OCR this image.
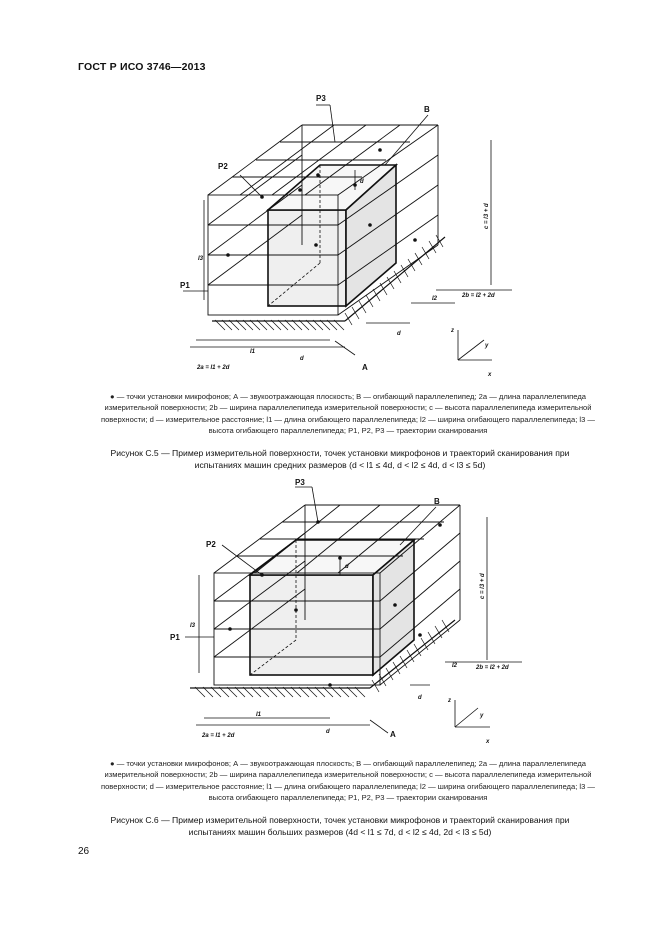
ГОСТ Р ИСО 3746—2013
P3
B
P2
P1
A
d
d
d
l1
l2
l3
2a = l1 + 2d
2b = l2 + 2d
c = l3 + d
x
y
z
● — точки установки микрофонов; А — звукоотражающая плоскость; В — огибающий параллелепипед; 2а — длина параллелепипеда измерительной поверхности; 2b — ширина параллелепипеда измерительной поверхности; с — высота параллелепипеда измерительной поверхности; d — измерительное расстояние; l1 — длина огибающего параллелепипеда; l2 — ширина огибающего параллелепипеда; l3 — высота огибающего параллелепипеда; Р1, Р2, Р3 — траектории сканирования
Рисунок С.5 — Пример измерительной поверхности, точек установки микрофонов и траекторий сканирования при
испытаниях машин средних размеров (d < l1 ≤ 4d, d < l2 ≤ 4d, d < l3 ≤ 5d)
P3
B
P2
P1
A
d
d
d
l1
l2
l3
2a = l1 + 2d
2b = l2 + 2d
c = l3 + d
x
y
z
● — точки установки микрофонов; А — звукоотражающая плоскость; В — огибающий параллелепипед; 2а — длина параллелепипеда измерительной поверхности; 2b — ширина параллелепипеда измерительной поверхности; с — высота параллелепипеда измерительной поверхности; d — измерительное расстояние; l1 — длина огибающего параллелепипеда; l2 — ширина огибающего параллелепипеда; l3 — высота огибающего параллелепипеда; Р1, Р2, Р3 — траектории сканирования
Рисунок С.6 — Пример измерительной поверхности, точек установки микрофонов и траекторий сканирования при
испытаниях машин больших размеров (4d < l1 ≤ 7d, d < l2 ≤ 4d, 2d < l3 ≤ 5d)
26
